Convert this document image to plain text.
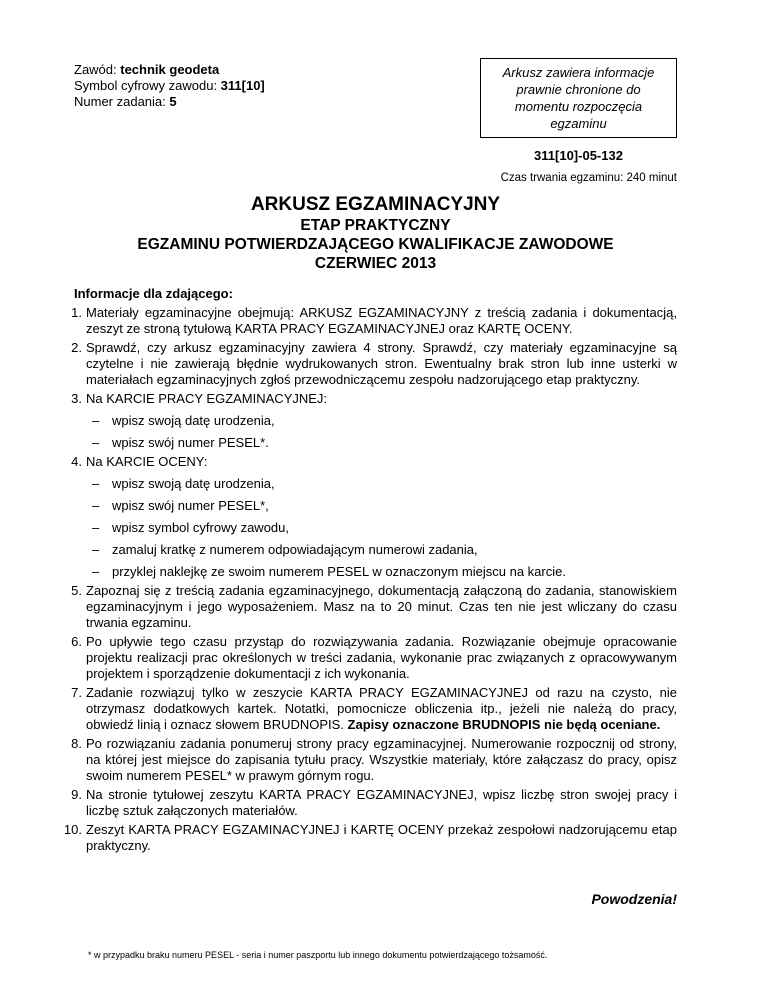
Zawód: technik geodeta
Symbol cyfrowy zawodu: 311[10]
Numer zadania: 5
Arkusz zawiera informacje prawnie chronione do momentu rozpoczęcia egzaminu
311[10]-05-132
Czas trwania egzaminu: 240 minut
ARKUSZ EGZAMINACYJNY
ETAP PRAKTYCZNY
EGZAMINU POTWIERDZAJĄCEGO KWALIFIKACJE ZAWODOWE
CZERWIEC 2013
Informacje dla zdającego:
1. Materiały egzaminacyjne obejmują: ARKUSZ EGZAMINACYJNY z treścią zadania i dokumentacją, zeszyt ze stroną tytułową KARTA PRACY EGZAMINACYJNEJ oraz KARTĘ OCENY.
2. Sprawdź, czy arkusz egzaminacyjny zawiera 4 strony. Sprawdź, czy materiały egzaminacyjne są czytelne i nie zawierają błędnie wydrukowanych stron. Ewentualny brak stron lub inne usterki w materiałach egzaminacyjnych zgłoś przewodniczącemu zespołu nadzorującego etap praktyczny.
3. Na KARCIE PRACY EGZAMINACYJNEJ:
– wpisz swoją datę urodzenia,
– wpisz swój numer PESEL*.
4. Na KARCIE OCENY:
– wpisz swoją datę urodzenia,
– wpisz swój numer PESEL*,
– wpisz symbol cyfrowy zawodu,
– zamaluj kratkę z numerem odpowiadającym numerowi zadania,
– przyklej naklejkę ze swoim numerem PESEL w oznaczonym miejscu na karcie.
5. Zapoznaj się z treścią zadania egzaminacyjnego, dokumentacją załączoną do zadania, stanowiskiem egzaminacyjnym i jego wyposażeniem. Masz na to 20 minut. Czas ten nie jest wliczany do czasu trwania egzaminu.
6. Po upływie tego czasu przystąp do rozwiązywania zadania. Rozwiązanie obejmuje opracowanie projektu realizacji prac określonych w treści zadania, wykonanie prac związanych z opracowywanym projektem i sporządzenie dokumentacji z ich wykonania.
7. Zadanie rozwiązuj tylko w zeszycie KARTA PRACY EGZAMINACYJNEJ od razu na czysto, nie otrzymasz dodatkowych kartek. Notatki, pomocnicze obliczenia itp., jeżeli nie należą do pracy, obwiedź linią i oznacz słowem BRUDNOPIS. Zapisy oznaczone BRUDNOPIS nie będą oceniane.
8. Po rozwiązaniu zadania ponumeruj strony pracy egzaminacyjnej. Numerowanie rozpocznij od strony, na której jest miejsce do zapisania tytułu pracy. Wszystkie materiały, które załączasz do pracy, opisz swoim numerem PESEL* w prawym górnym rogu.
9. Na stronie tytułowej zeszytu KARTA PRACY EGZAMINACYJNEJ, wpisz liczbę stron swojej pracy i liczbę sztuk załączonych materiałów.
10. Zeszyt KARTA PRACY EGZAMINACYJNEJ i KARTĘ OCENY przekaż zespołowi nadzorującemu etap praktyczny.
Powodzenia!
* w przypadku braku numeru PESEL - seria i numer paszportu lub innego dokumentu potwierdzającego tożsamość.
